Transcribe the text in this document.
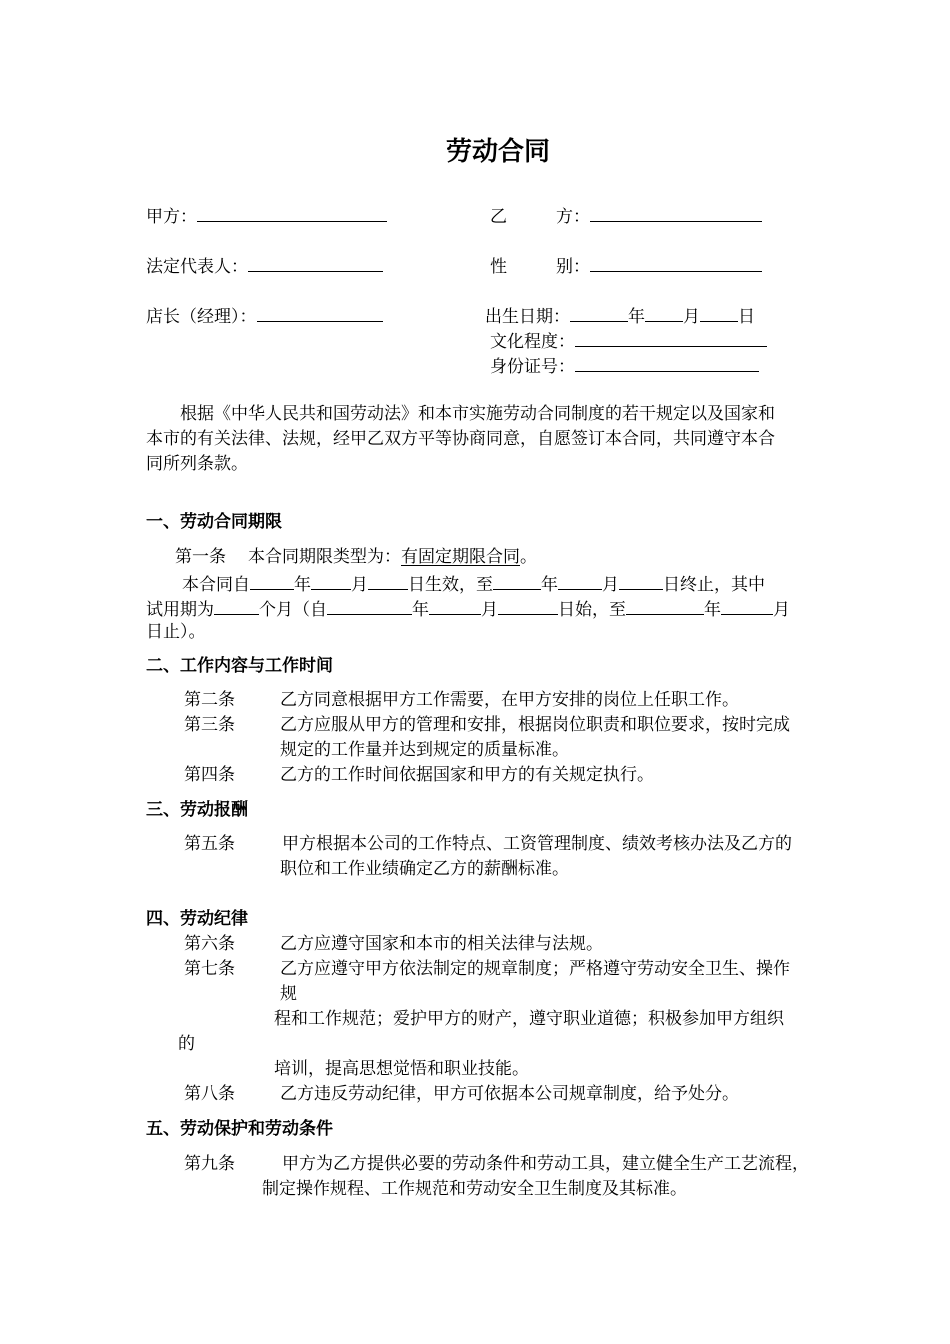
劳动合同
甲方：	乙	方：
法定代表人：	性	别：
店长（经理）：	出生日期：	年 月 日
文化程度：
身份证号：
根据《中华人民共和国劳动法》和本市实施劳动合同制度的若干规定以及国家和
本市的有关法律、法规，经甲乙双方平等协商同意，自愿签订本合同，共同遵守本合
同所列条款。
一、劳动合同期限
第一条 本合同期限类型为：有固定期限合同。
本合同自	年 月 日生效，至	年	月	日终止，其中
试用期为	个月（自	年	月	日始，至	年	月
日止）。
二、工作内容与工作时间
第二条	乙方同意根据甲方工作需要，在甲方安排的岗位上任职工作。
第三条	乙方应服从甲方的管理和安排，根据岗位职责和职位要求，按时完成
规定的工作量并达到规定的质量标准。
第四条	乙方的工作时间依据国家和甲方的有关规定执行。
三、劳动报酬
第五条	甲方根据本公司的工作特点、工资管理制度、绩效考核办法及乙方的
职位和工作业绩确定乙方的薪酬标准。
四、劳动纪律
第六条	乙方应遵守国家和本市的相关法律与法规。
第七条	乙方应遵守甲方依法制定的规章制度；严格遵守劳动安全卫生、操作
规
程和工作规范；爱护甲方的财产，遵守职业道德；积极参加甲方组织
的
培训，提高思想觉悟和职业技能。
第八条	乙方违反劳动纪律，甲方可依据本公司规章制度，给予处分。
五、劳动保护和劳动条件
第九条	甲方为乙方提供必要的劳动条件和劳动工具，建立健全生产工艺流程，
制定操作规程、工作规范和劳动安全卫生制度及其标准。
